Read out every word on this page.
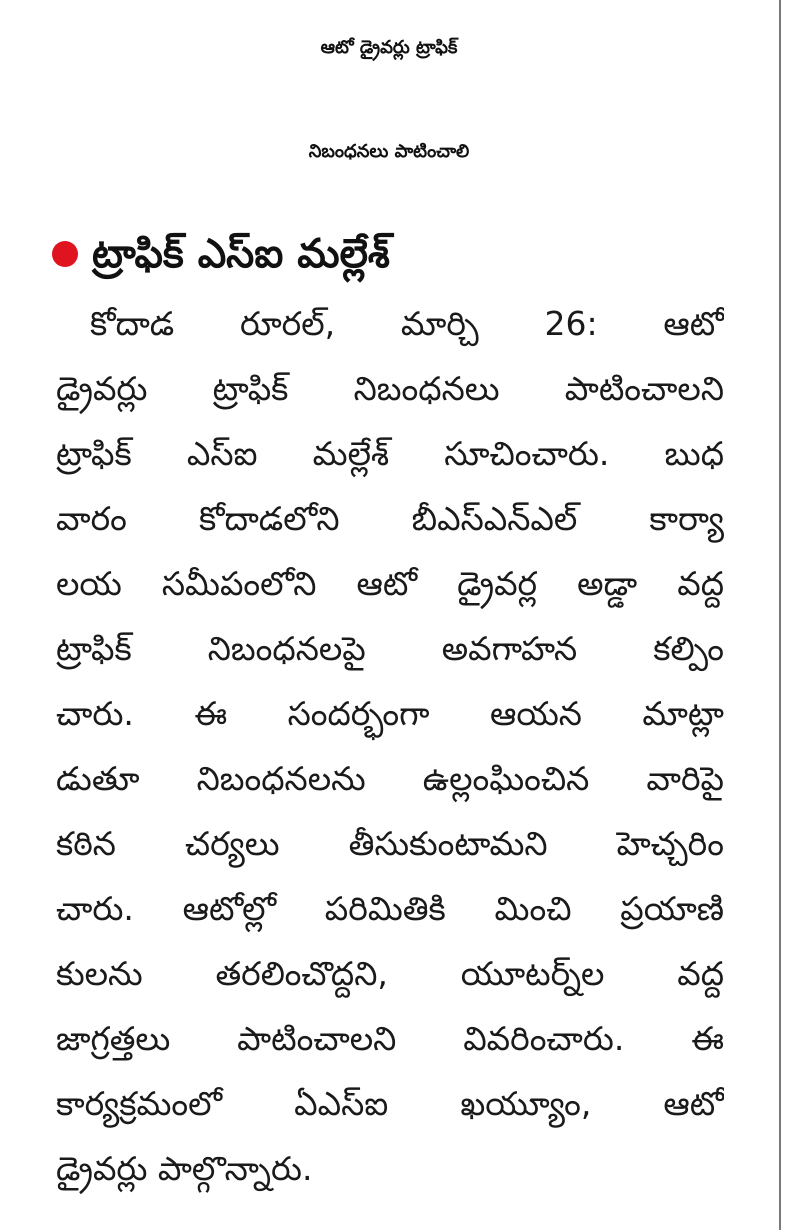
ఆటో డ్రైవర్లు ట్రాఫిక్
నిబంధనలు పాటించాలి
ట్రాఫిక్ ఎస్ఐ మల్లేశ్
కోదాడ రూరల్, మార్చి 26: ఆటో
డ్రైవర్లు ట్రాఫిక్ నిబంధనలు పాటించాలని
ట్రాఫిక్ ఎస్ఐ మల్లేశ్ సూచించారు. బుధ
వారం కోదాడలోని బీఎస్ఎన్ఎల్ కార్యా
లయ సమీపంలోని ఆటో డ్రైవర్ల అడ్డా వద్ద
ట్రాఫిక్ నిబంధనలపై అవగాహన కల్పిం
చారు. ఈ సందర్భంగా ఆయన మాట్లా
డుతూ నిబంధనలను ఉల్లంఘించిన వారిపై
కఠిన చర్యలు తీసుకుంటామని హెచ్చరిం
చారు. ఆటోల్లో పరిమితికి మించి ప్రయాణి
కులను తరలించొద్దని, యూటర్న్‌ల వద్ద
జాగ్రత్తలు పాటించాలని వివరించారు. ఈ
కార్యక్రమంలో ఏఎస్ఐ ఖయ్యూం, ఆటో
డ్రైవర్లు పాల్గొన్నారు.
